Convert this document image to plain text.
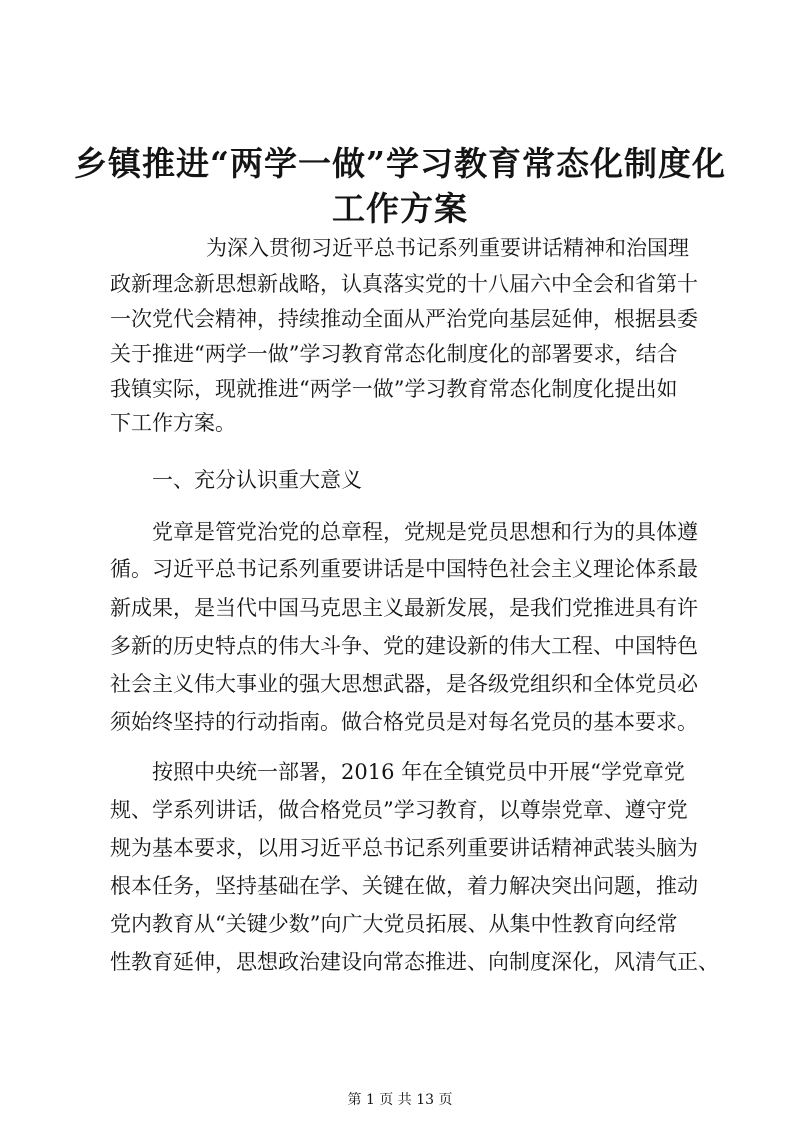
乡镇推进“两学一做”学习教育常态化制度化
工作方案
为深入贯彻习近平总书记系列重要讲话精神和治国理
政新理念新思想新战略，认真落实党的十八届六中全会和省第十
一次党代会精神，持续推动全面从严治党向基层延伸，根据县委
关于推进“两学一做”学习教育常态化制度化的部署要求，结合
我镇实际，现就推进“两学一做”学习教育常态化制度化提出如
下工作方案。
一、充分认识重大意义
党章是管党治党的总章程，党规是党员思想和行为的具体遵
循。习近平总书记系列重要讲话是中国特色社会主义理论体系最
新成果，是当代中国马克思主义最新发展，是我们党推进具有许
多新的历史特点的伟大斗争、党的建设新的伟大工程、中国特色
社会主义伟大事业的强大思想武器，是各级党组织和全体党员必
须始终坚持的行动指南。做合格党员是对每名党员的基本要求。
按照中央统一部署，2016 年在全镇党员中开展“学党章党
规、学系列讲话，做合格党员”学习教育，以尊崇党章、遵守党
规为基本要求，以用习近平总书记系列重要讲话精神武装头脑为
根本任务，坚持基础在学、关键在做，着力解决突出问题，推动
党内教育从“关键少数”向广大党员拓展、从集中性教育向经常
性教育延伸，思想政治建设向常态推进、向制度深化，风清气正、
第 1 页 共 13 页
